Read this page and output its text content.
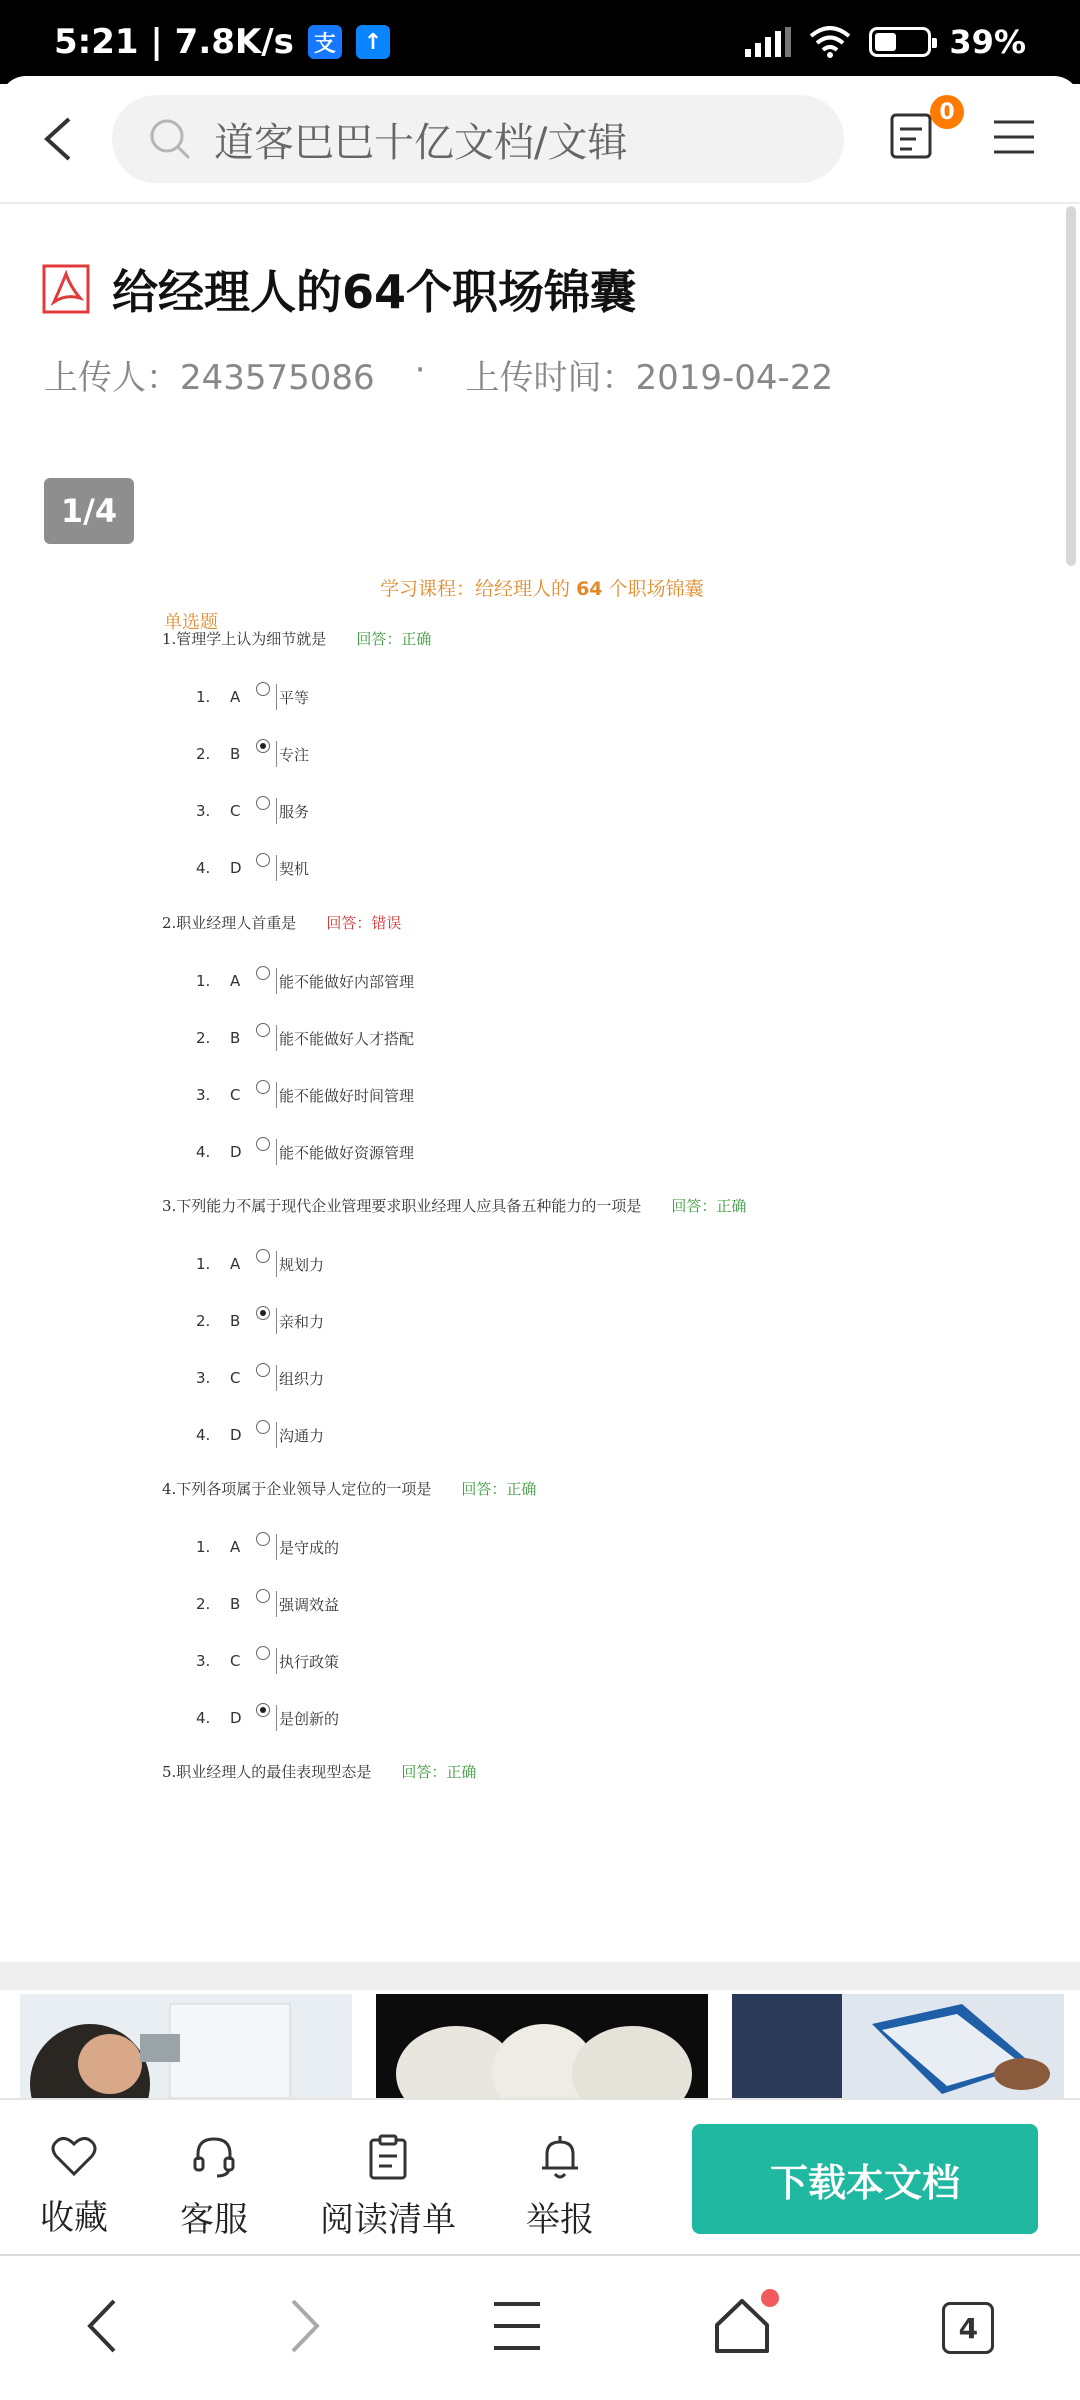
5:21 | 7.8K/s 支	↑	39%
道客巴巴十亿文档/文辑
0
给经理人的64个职场锦囊
上传人：243575086 · 上传时间：2019-04-22
1/4
学习课程：给经理人的 64 个职场锦囊
单选题
1.管理学上认为细节就是 回答：正确
1.	A	平等
2.	B	专注
3.	C	服务
4.	D	契机
2.职业经理人首重是 回答：错误
1.	A	能不能做好内部管理
2.	B	能不能做好人才搭配
3.	C	能不能做好时间管理
4.	D	能不能做好资源管理
3.下列能力不属于现代企业管理要求职业经理人应具备五种能力的一项是 回答：正确
1.	A	规划力
2.	B	亲和力
3.	C	组织力
4.	D	沟通力
4.下列各项属于企业领导人定位的一项是 回答：正确
1.	A	是守成的
2.	B	强调效益
3.	C	执行政策
4.	D	是创新的
5.职业经理人的最佳表现型态是 回答：正确
收藏 客服 阅读清单 举报
下载本文档
4
